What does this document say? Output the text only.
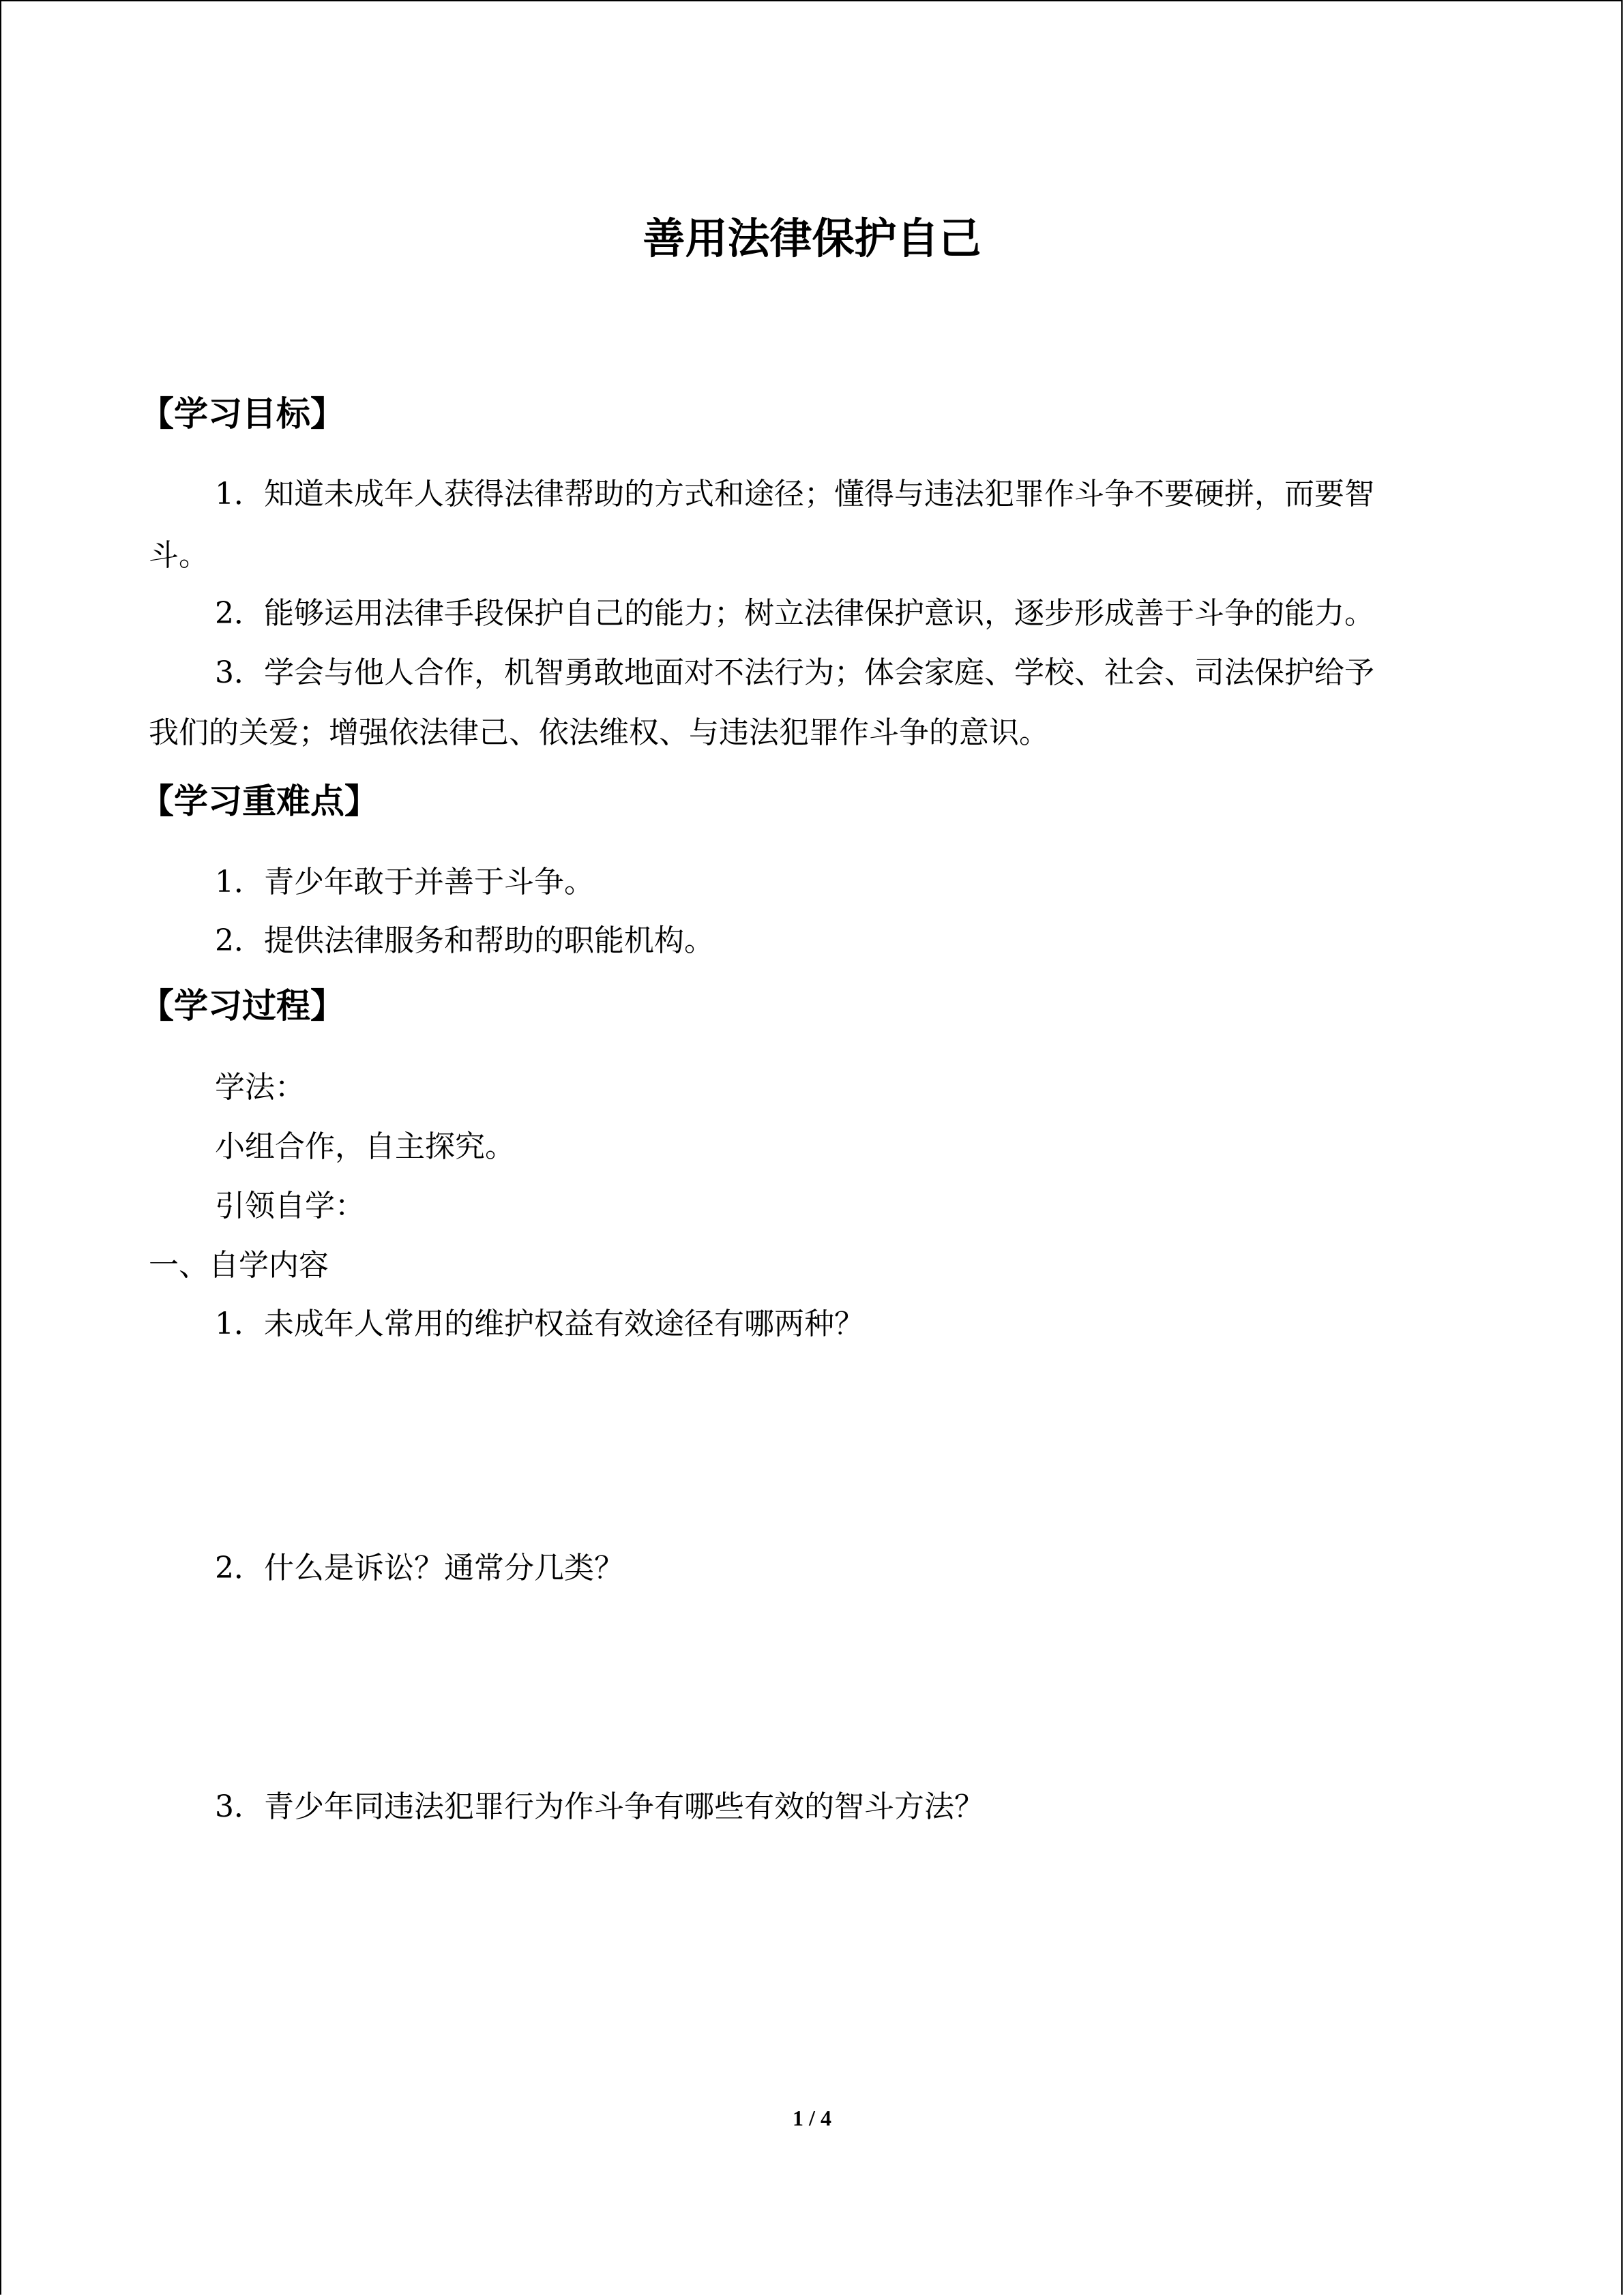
善用法律保护自己
【学习目标】
1．知道未成年人获得法律帮助的方式和途径；懂得与违法犯罪作斗争不要硬拼，而要智
斗。
2．能够运用法律手段保护自己的能力；树立法律保护意识，逐步形成善于斗争的能力。
3．学会与他人合作，机智勇敢地面对不法行为；体会家庭、学校、社会、司法保护给予
我们的关爱；增强依法律己、依法维权、与违法犯罪作斗争的意识。
【学习重难点】
1．青少年敢于并善于斗争。
2．提供法律服务和帮助的职能机构。
【学习过程】
学法：
小组合作，自主探究。
引领自学：
一、自学内容
1．未成年人常用的维护权益有效途径有哪两种？
2．什么是诉讼？通常分几类？
3．青少年同违法犯罪行为作斗争有哪些有效的智斗方法？
1 / 4
